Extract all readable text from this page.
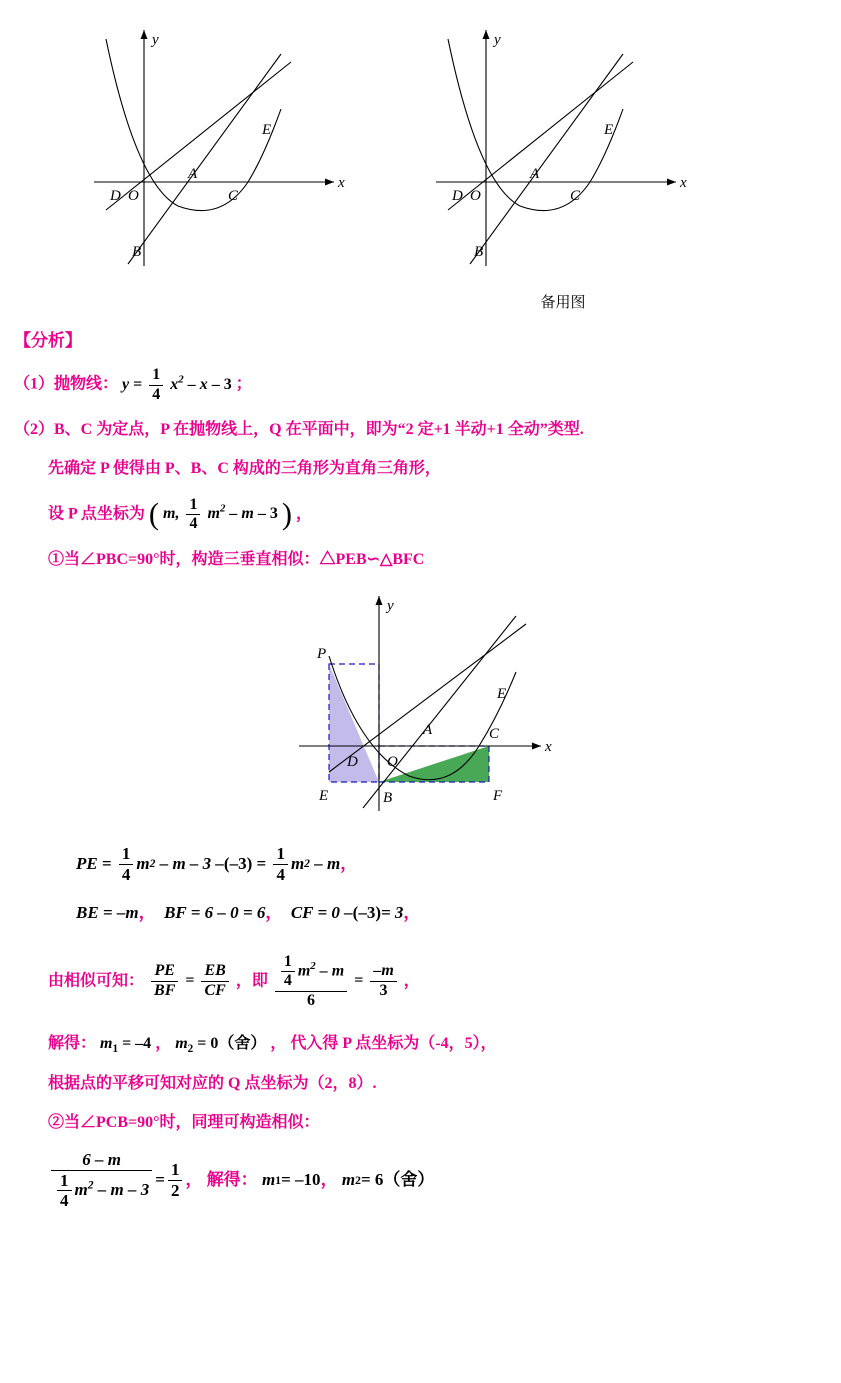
y
x
E
A
C
D O
B
y
x
E
A
C
D O
B
备用图
【分析】
（1）抛物线： $y = \frac{1}{4} x^2 - x - 3$ ；
（2）B、C 为定点，P 在抛物线上，Q 在平面中，即为“2 定+1 半动+1 全动”类型.
先确定 P 使得由 P、B、C 构成的三角形为直角三角形，
设 P 点坐标为 ( m, $\frac{1}{4} m^2$ – m – 3 ) ，
①当∠PBC=90°时，构造三垂直相似：△PEB∽△BFC
y
x
P
E
A
D O
C
E	B	F
PE
=
$\frac{1}{4}$ m 2
– m – 3 – (–3)
=
$\frac{1}{4}$ m 2
– m ，
BE = –m ，
BF = 6 – 0 = 6 ，
CF = 0 – (–3) = 3 ，
由相似可知： $\frac{PE}{BF} = \frac{EB}{CF}$ ，即 $\frac{\frac{1}{4} m^2 - m}{6} = \frac{-m}{3}$ ，
解得： $m_1 = -4$ ， $m_2 = 0$（舍） ， 代入得 P 点坐标为（-4，5），
根据点的平移可知对应的 Q 点坐标为（2，8）.
②当∠PCB=90°时，同理可构造相似：
$\frac{6 - m}{\frac{1}{4} m^2 - m - 3} = \frac{1}{2}$ ，
解得：
m 1 = –10 ，
m 2 = 6（舍）
